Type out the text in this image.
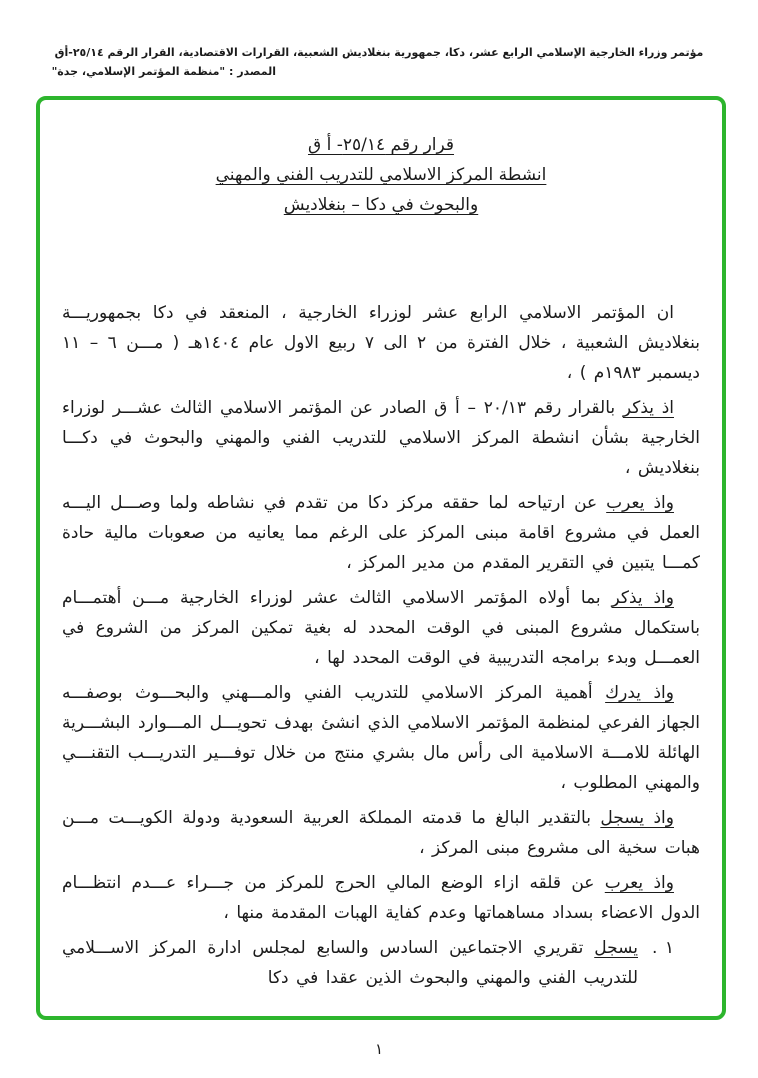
مؤتمر وزراء الخارجية الإسلامي الرابع عشر، دكا، جمهورية بنغلاديش الشعبية، القرارات الاقتصادية، القرار الرقم ٢٥/١٤-أق
المصدر : "منظمة المؤتمر الإسلامي، جدة"
قرار رقم ٢٥/١٤- أ ق
انشطة المركز الاسلامي للتدريب الفني والمهني
والبحوث في دكا – بنغلاديش

ان المؤتمر الاسلامي الرابع عشر لوزراء الخارجية ، المنعقد في دكا بجمهوريـــة بنغلاديش الشعبية ، خلال الفترة من ٢ الى ٧ ربيع الاول عام ١٤٠٤هـ ( مـــن ٦ – ١١ ديسمبر ١٩٨٣م ) ،

اذ يذكر بالقرار رقم ٢٠/١٣ – أ ق الصادر عن المؤتمر الاسلامي الثالث عشـــر لوزراء الخارجية بشأن انشطة المركز الاسلامي للتدريب الفني والمهني والبحوث في دكـــا بنغلاديش ،

واذ يعرب عن ارتياحه لما حققه مركز دكا من تقدم في نشاطه ولما وصـــل اليـــه العمل في مشروع اقامة مبنى المركز على الرغم مما يعانيه من صعوبات مالية حادة كمـــا يتبين في التقرير المقدم من مدير المركز ،

واذ يذكر بما أولاه المؤتمر الاسلامي الثالث عشر لوزراء الخارجية مـــن أهتمـــام باستكمال مشروع المبنى في الوقت المحدد له بغية تمكين المركز من الشروع في العمـــل وبدء برامجه التدريبية في الوقت المحدد لها ،

واذ يدرك أهمية المركز الاسلامي للتدريب الفني والمـــهني والبحـــوث بوصفـــه الجهاز الفرعي لمنظمة المؤتمر الاسلامي الذي انشئ بهدف تحويـــل المـــوارد البشـــرية الهائلة للامـــة الاسلامية الى رأس مال بشري منتج من خلال توفـــير التدريـــب التقنـــي والمهني المطلوب ،

واذ يسجل بالتقدير البالغ ما قدمته المملكة العربية السعودية ودولة الكويـــت مـــن هبات سخية الى مشروع مبنى المركز ،

واذ يعرب عن قلقه ازاء الوضع المالي الحرج للمركز من جـــراء عـــدم انتظـــام الدول الاعضاء بسداد مساهماتها وعدم كفاية الهبات المقدمة منها ،

١ .
يسجل تقريري الاجتماعين السادس والسابع لمجلس ادارة المركز الاســـلامي للتدريب الفني والمهني والبحوث الذين عقدا في دكا
١
